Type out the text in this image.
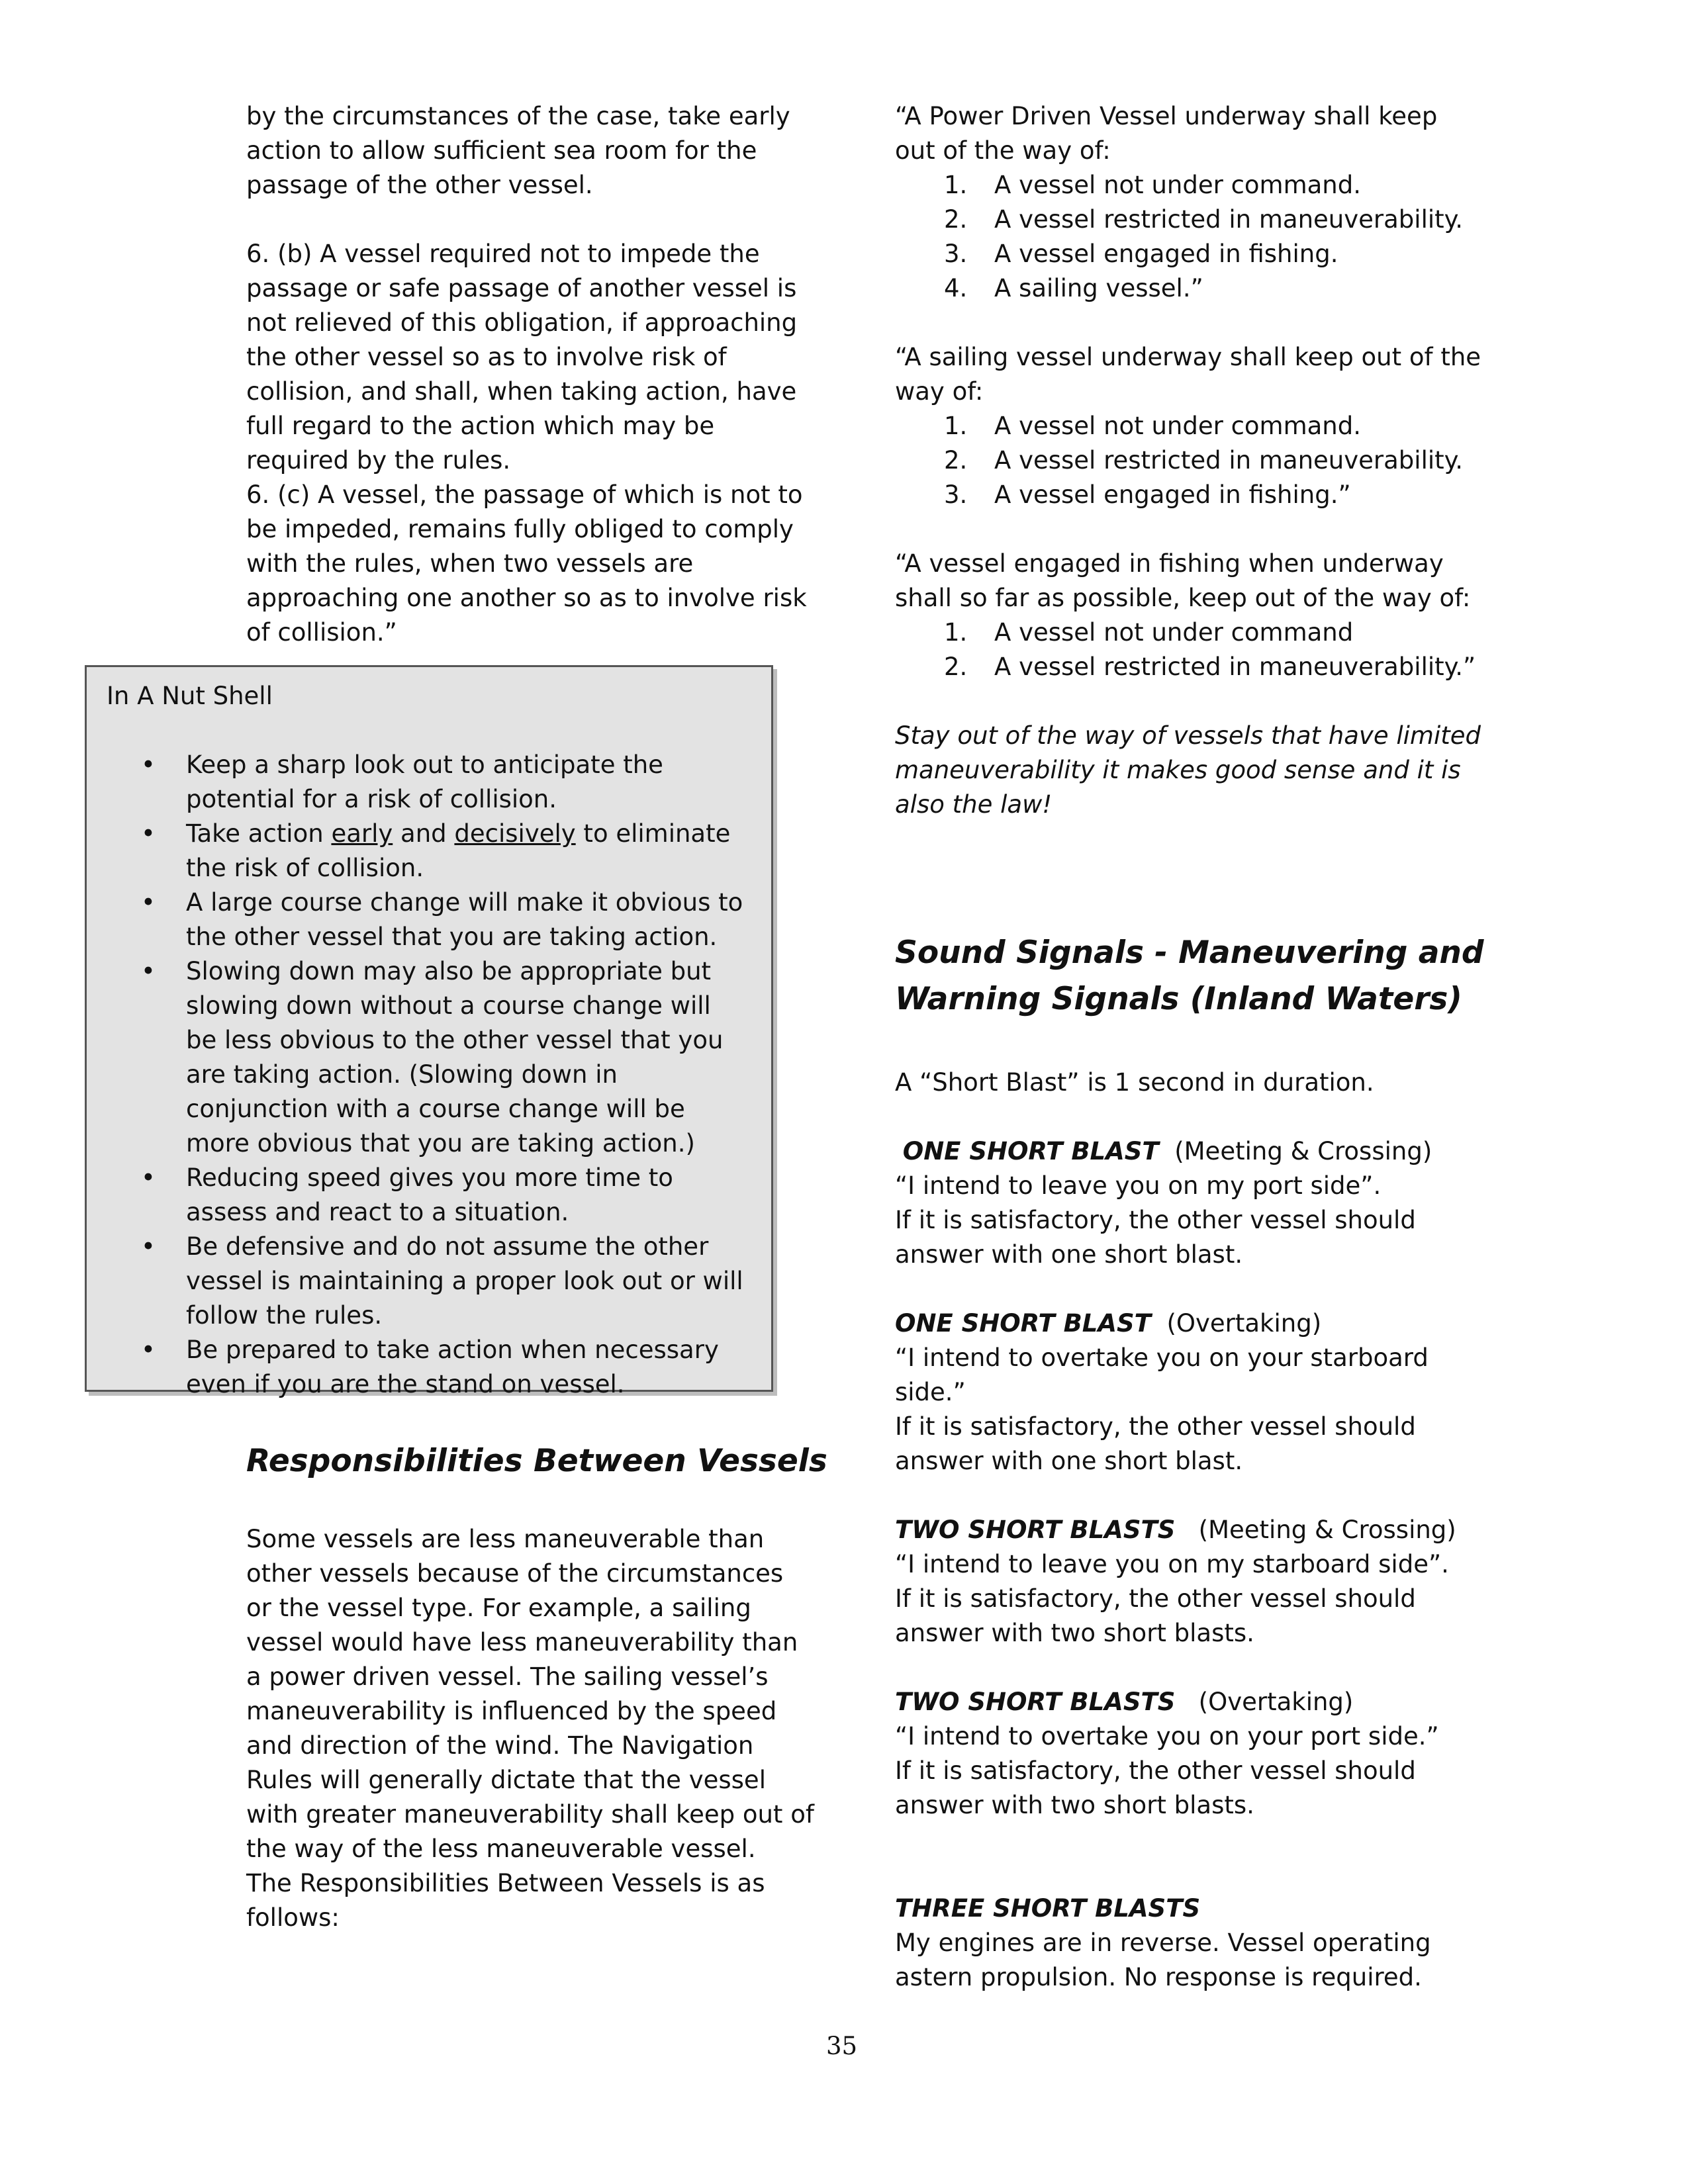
by the circumstances of the case, take early action to allow sufficient sea room for the passage of the other vessel.

6. (b) A vessel required not to impede the passage or safe passage of another vessel is not relieved of this obligation, if approaching the other vessel so as to involve risk of collision, and shall, when taking action, have full regard to the action which may be required by the rules.

6. (c) A vessel, the passage of which is not to be impeded, remains fully obliged to comply with the rules, when two vessels are approaching one another so as to involve risk of collision.”

In A Nut Shell
• Keep a sharp look out to anticipate the potential for a risk of collision.
• Take action early and decisively to eliminate the risk of collision.
• A large course change will make it obvious to the other vessel that you are taking action.
• Slowing down may also be appropriate but slowing down without a course change will be less obvious to the other vessel that you are taking action. (Slowing down in conjunction with a course change will be more obvious that you are taking action.)
• Reducing speed gives you more time to assess and react to a situation.
• Be defensive and do not assume the other vessel is maintaining a proper look out or will follow the rules.
• Be prepared to take action when necessary even if you are the stand on vessel.
Responsibilities Between Vessels

Some vessels are less maneuverable than other vessels because of the circumstances or the vessel type. For example, a sailing vessel would have less maneuverability than a power driven vessel. The sailing vessel’s maneuverability is influenced by the speed and direction of the wind. The Navigation Rules will generally dictate that the vessel with greater maneuverability shall keep out of the way of the less maneuverable vessel.

The Responsibilities Between Vessels is as follows:

“A Power Driven Vessel underway shall keep out of the way of:

1.	A vessel not under command.
2.	A vessel restricted in maneuverability.
3.	A vessel engaged in fishing.
4.	A sailing vessel.”

“A sailing vessel underway shall keep out of the way of:

1.	A vessel not under command.
2.	A vessel restricted in maneuverability.
3.	A vessel engaged in fishing.”

“A vessel engaged in fishing when underway shall so far as possible, keep out of the way of:

1.	A vessel not under command
2.	A vessel restricted in maneuverability.”

Stay out of the way of vessels that have limited maneuverability it makes good sense and it is also the law!

Sound Signals - Maneuvering and Warning Signals (Inland Waters)

A “Short Blast” is 1 second in duration.

ONE SHORT BLAST (Meeting & Crossing)

“I intend to leave you on my port side”.

If it is satisfactory, the other vessel should answer with one short blast.

ONE SHORT BLAST (Overtaking)

“I intend to overtake you on your starboard side.”

If it is satisfactory, the other vessel should answer with one short blast.

TWO SHORT BLASTS (Meeting & Crossing)

“I intend to leave you on my starboard side”.

If it is satisfactory, the other vessel should answer with two short blasts.

TWO SHORT BLASTS (Overtaking)

“I intend to overtake you on your port side.”

If it is satisfactory, the other vessel should answer with two short blasts.

THREE SHORT BLASTS

My engines are in reverse. Vessel operating astern propulsion. No response is required.

35
